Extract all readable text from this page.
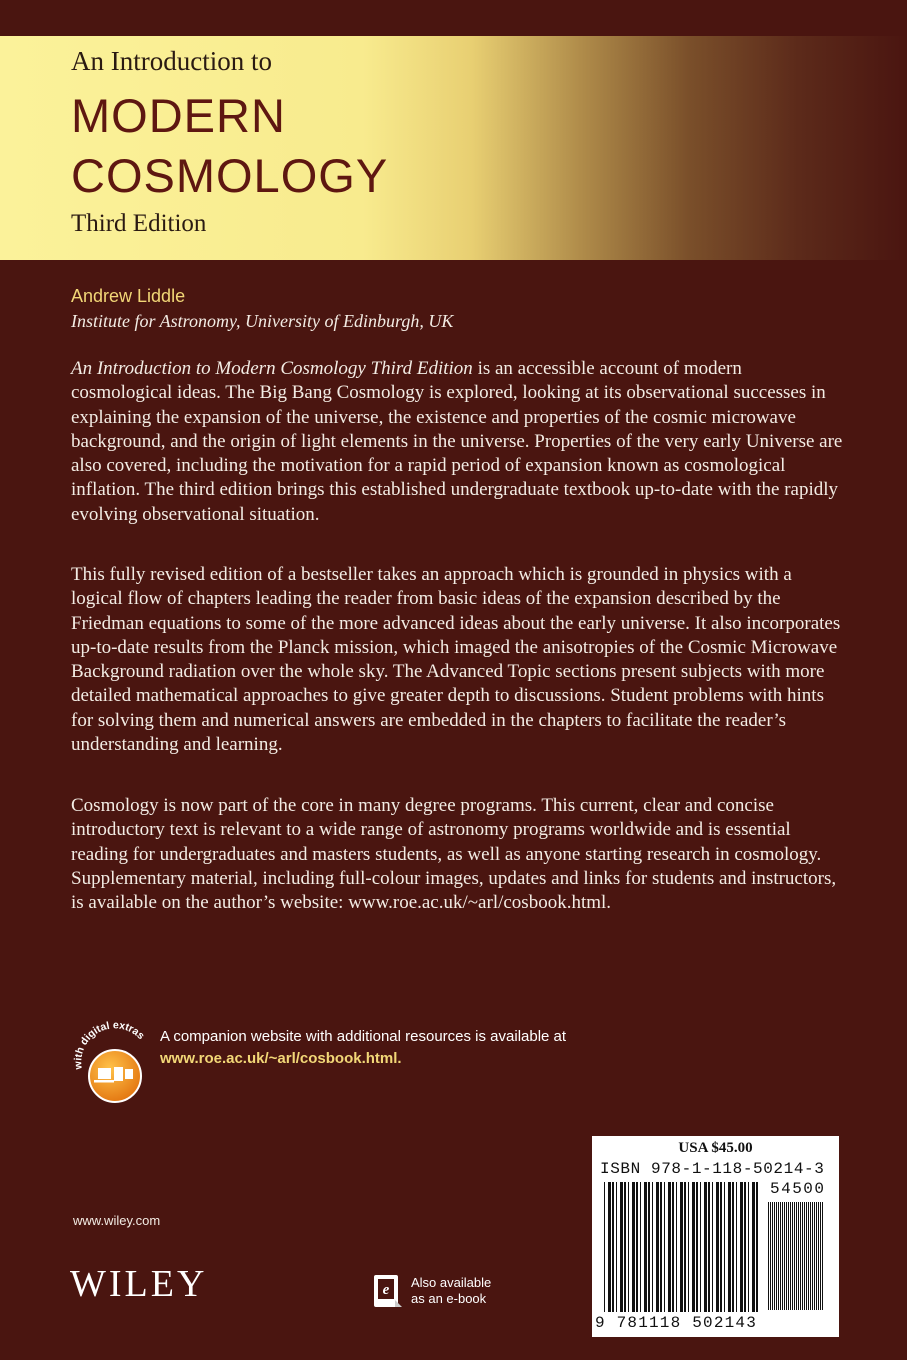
An Introduction to
MODERN
COSMOLOGY
Third Edition
Andrew Liddle
Institute for Astronomy, University of Edinburgh, UK

An Introduction to Modern Cosmology Third Edition is an accessible account of modern cosmological ideas. The Big Bang Cosmology is explored, looking at its observational successes in explaining the expansion of the universe, the existence and properties of the cosmic microwave background, and the origin of light elements in the universe. Properties of the very early Universe are also covered, including the motivation for a rapid period of expansion known as cosmological inflation. The third edition brings this established undergraduate textbook up-to-date with the rapidly evolving observational situation.

This fully revised edition of a bestseller takes an approach which is grounded in physics with a logical flow of chapters leading the reader from basic ideas of the expansion described by the Friedman equations to some of the more advanced ideas about the early universe. It also incorporates up-to-date results from the Planck mission, which imaged the anisotropies of the Cosmic Microwave Background radiation over the whole sky. The Advanced Topic sections present subjects with more detailed mathematical approaches to give greater depth to discussions. Student problems with hints for solving them and numerical answers are embedded in the chapters to facilitate the reader’s understanding and learning.

Cosmology is now part of the core in many degree programs. This current, clear and concise introductory text is relevant to a wide range of astronomy programs worldwide and is essential reading for undergraduates and masters students, as well as anyone starting research in cosmology. Supplementary material, including full-colour images, updates and links for students and instructors, is available on the author’s website: www.roe.ac.uk/~arl/cosbook.html.

with digital extras A companion website with additional resources is available at
www.roe.ac.uk/~arl/cosbook.html.
www.wiley.com
WILEY	e Also available
as an e-book
USA $45.00
ISBN 978-1-118-50214-3
54500
9 781118 502143
